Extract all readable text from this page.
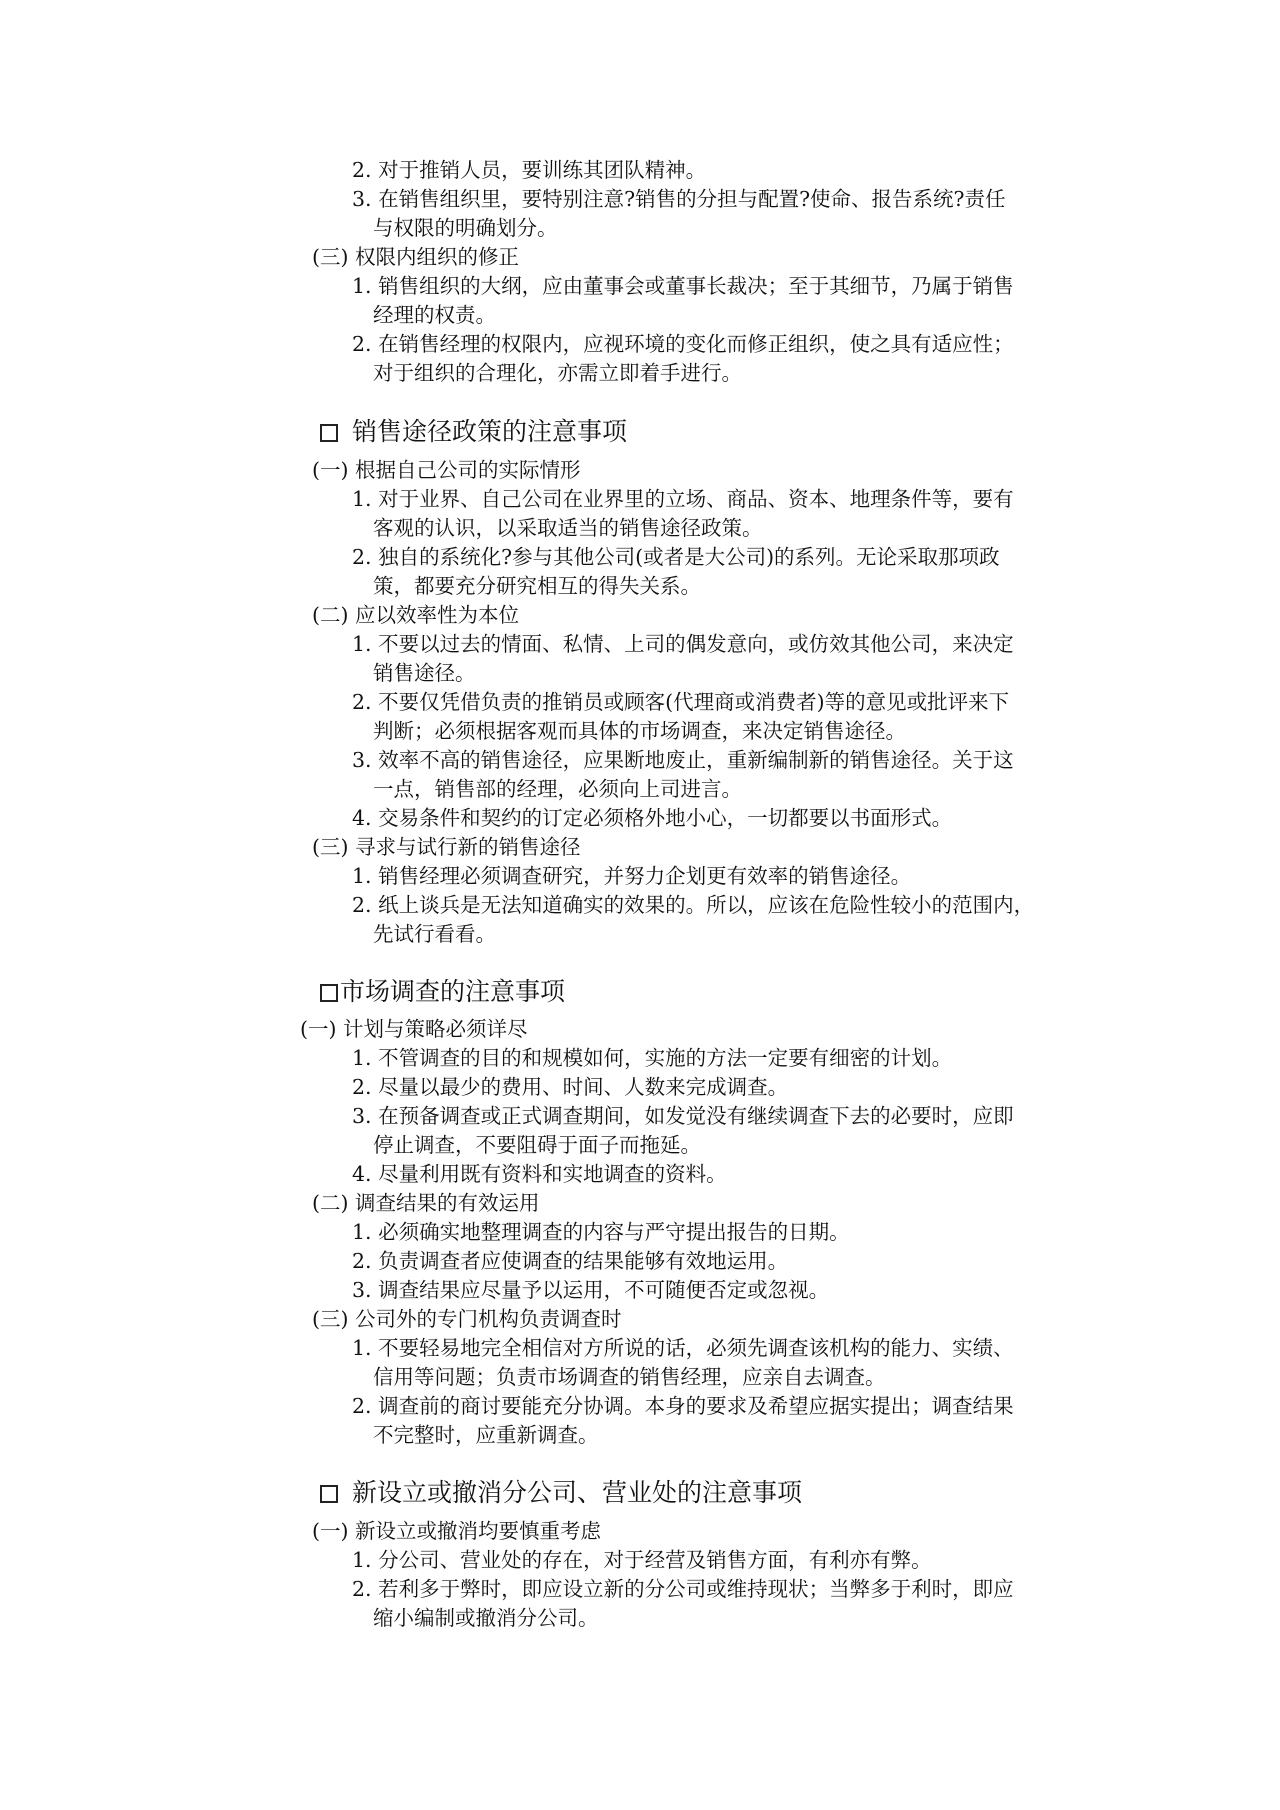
2. 对于推销人员，要训练其团队精神。
3. 在销售组织里，要特别注意?销售的分担与配置?使命、报告系统?责任
与权限的明确划分。
(三) 权限内组织的修正
1. 销售组织的大纲，应由董事会或董事长裁决；至于其细节，乃属于销售
经理的权责。
2. 在销售经理的权限内，应视环境的变化而修正组织，使之具有适应性；
对于组织的合理化，亦需立即着手进行。
销售途径政策的注意事项
(一) 根据自己公司的实际情形
1. 对于业界、自己公司在业界里的立场、商品、资本、地理条件等，要有
客观的认识，以采取适当的销售途径政策。
2. 独自的系统化?参与其他公司(或者是大公司)的系列。无论采取那项政
策，都要充分研究相互的得失关系。
(二) 应以效率性为本位
1. 不要以过去的情面、私情、上司的偶发意向，或仿效其他公司，来决定
销售途径。
2. 不要仅凭借负责的推销员或顾客(代理商或消费者)等的意见或批评来下
判断；必须根据客观而具体的市场调查，来决定销售途径。
3. 效率不高的销售途径，应果断地废止，重新编制新的销售途径。关于这
一点，销售部的经理，必须向上司进言。
4. 交易条件和契约的订定必须格外地小心，一切都要以书面形式。
(三) 寻求与试行新的销售途径
1. 销售经理必须调查研究，并努力企划更有效率的销售途径。
2. 纸上谈兵是无法知道确实的效果的。所以，应该在危险性较小的范围内，
先试行看看。
市场调查的注意事项
(一) 计划与策略必须详尽
1. 不管调查的目的和规模如何，实施的方法一定要有细密的计划。
2. 尽量以最少的费用、时间、人数来完成调查。
3. 在预备调查或正式调查期间，如发觉没有继续调查下去的必要时，应即
停止调查，不要阻碍于面子而拖延。
4. 尽量利用既有资料和实地调查的资料。
(二) 调查结果的有效运用
1. 必须确实地整理调查的内容与严守提出报告的日期。
2. 负责调查者应使调查的结果能够有效地运用。
3. 调查结果应尽量予以运用，不可随便否定或忽视。
(三) 公司外的专门机构负责调查时
1. 不要轻易地完全相信对方所说的话，必须先调查该机构的能力、实绩、
信用等问题；负责市场调查的销售经理，应亲自去调查。
2. 调查前的商讨要能充分协调。本身的要求及希望应据实提出；调查结果
不完整时，应重新调查。
新设立或撤消分公司、营业处的注意事项
(一) 新设立或撤消均要慎重考虑
1. 分公司、营业处的存在，对于经营及销售方面，有利亦有弊。
2. 若利多于弊时，即应设立新的分公司或维持现状；当弊多于利时，即应
缩小编制或撤消分公司。
